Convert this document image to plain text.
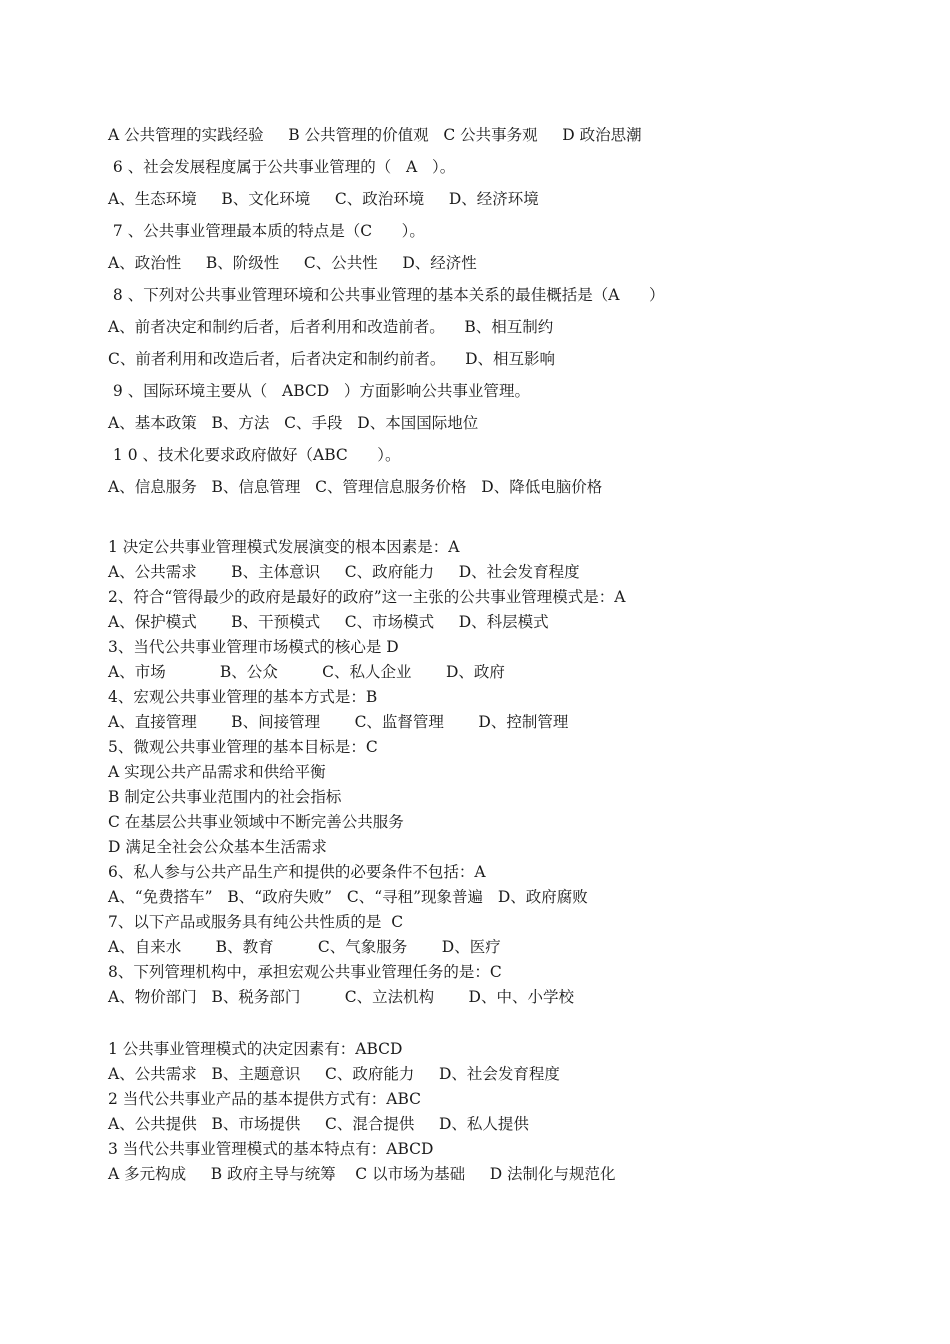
A 公共管理的实践经验     B 公共管理的价值观   C 公共事务观     D 政治思潮

6 、社会发展程度属于公共事业管理的（   A   ）。

A、生态环境     B、文化环境     C、政治环境     D、经济环境

7 、公共事业管理最本质的特点是（C      ）。

A、政治性     B、阶级性     C、公共性     D、经济性

8 、下列对公共事业管理环境和公共事业管理的基本关系的最佳概括是（A      ）

A、前者决定和制约后者，后者利用和改造前者。    B、相互制约

C、前者利用和改造后者，后者决定和制约前者。    D、相互影响

9 、国际环境主要从（   ABCD   ）方面影响公共事业管理。

A、基本政策   B、方法   C、手段   D、本国国际地位

1 0 、技术化要求政府做好（ABC      ）。

A、信息服务   B、信息管理   C、管理信息服务价格   D、降低电脑价格

1 决定公共事业管理模式发展演变的根本因素是：A

A、公共需求       B、主体意识     C、政府能力     D、社会发育程度

2、符合“管得最少的政府是最好的政府”这一主张的公共事业管理模式是：A

A、保护模式       B、干预模式     C、市场模式     D、科层模式

3、当代公共事业管理市场模式的核心是 D

A、市场           B、公众         C、私人企业       D、政府

4、宏观公共事业管理的基本方式是：B

A、直接管理       B、间接管理       C、监督管理       D、控制管理

5、微观公共事业管理的基本目标是：C

A 实现公共产品需求和供给平衡

B 制定公共事业范围内的社会指标

C 在基层公共事业领域中不断完善公共服务

D 满足全社会公众基本生活需求

6、私人参与公共产品生产和提供的必要条件不包括：A

A、“免费搭车”   B、“政府失败”   C、“寻租”现象普遍   D、政府腐败

7、以下产品或服务具有纯公共性质的是  C

A、自来水       B、教育         C、气象服务       D、医疗

8、下列管理机构中，承担宏观公共事业管理任务的是：C

A、物价部门   B、税务部门         C、立法机构       D、中、小学校

1 公共事业管理模式的决定因素有：ABCD

A、公共需求   B、主题意识     C、政府能力     D、社会发育程度

2 当代公共事业产品的基本提供方式有：ABC

A、公共提供   B、市场提供     C、混合提供     D、私人提供

3 当代公共事业管理模式的基本特点有：ABCD

A 多元构成     B 政府主导与统筹    C 以市场为基础     D 法制化与规范化
